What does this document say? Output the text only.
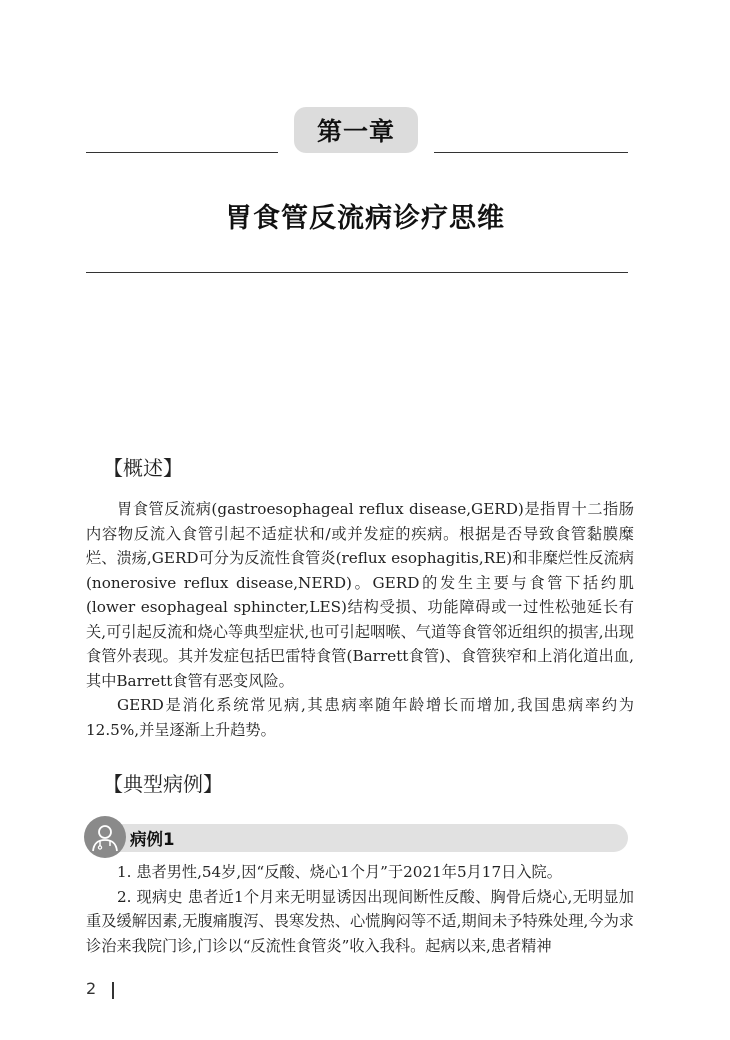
第一章
胃食管反流病诊疗思维
【概述】

胃食管反流病(gastroesophageal reflux disease,GERD)是指胃十二指肠内容物反流入食管引起不适症状和/或并发症的疾病。根据是否导致食管黏膜糜烂、溃疡,GERD可分为反流性食管炎(reflux esophagitis,RE)和非糜烂性反流病(nonerosive reflux disease,NERD)。GERD的发生主要与食管下括约肌(lower esophageal sphincter,LES)结构受损、功能障碍或一过性松弛延长有关,可引起反流和烧心等典型症状,也可引起咽喉、气道等食管邻近组织的损害,出现食管外表现。其并发症包括巴雷特食管(Barrett食管)、食管狭窄和上消化道出血,其中Barrett食管有恶变风险。

GERD是消化系统常见病,其患病率随年龄增长而增加,我国患病率约为12.5%,并呈逐渐上升趋势。

【典型病例】
病例1

1. 患者男性,54岁,因“反酸、烧心1个月”于2021年5月17日入院。

2. 现病史 患者近1个月来无明显诱因出现间断性反酸、胸骨后烧心,无明显加重及缓解因素,无腹痛腹泻、畏寒发热、心慌胸闷等不适,期间未予特殊处理,今为求诊治来我院门诊,门诊以“反流性食管炎”收入我科。起病以来,患者精神

2
